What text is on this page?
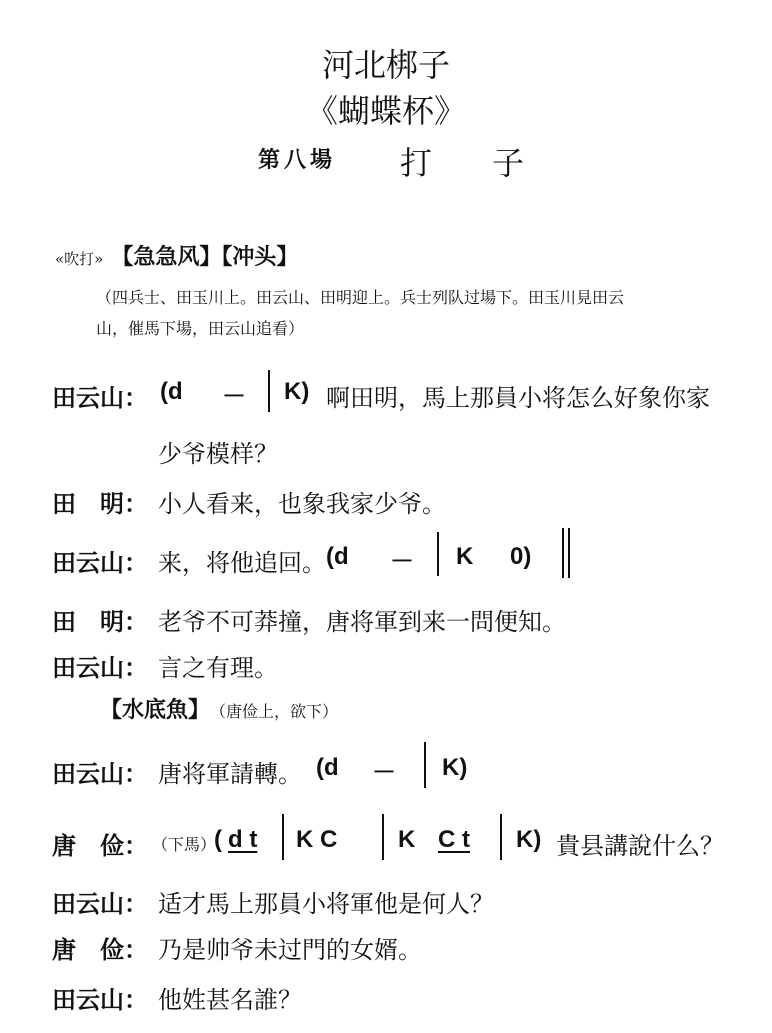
河北梆子
《蝴蝶杯》
第八場 打子
«吹打» 【急急风】【冲头】
（四兵士、田玉川上。田云山、田明迎上。兵士列队过場下。田玉川見田云
山，催馬下場，田云山追看）
田云山： (d － K) 啊田明，馬上那員小将怎么好象你家
少爷模样？
田　明： 小人看来，也象我家少爷。
田云山： 来，将他追回。 (d － K 0)
田　明： 老爷不可莽撞，唐将軍到来一問便知。
田云山： 言之有理。
【水底魚】 （唐俭上，欲下）
田云山： 唐将軍請轉。 (d － K)
唐　俭： （下馬）
( d t K C	K C t K) 貴县講說什么？
田云山： 适才馬上那員小将軍他是何人？
唐　俭： 乃是帅爷未过門的女婿。
田云山： 他姓甚名誰？
